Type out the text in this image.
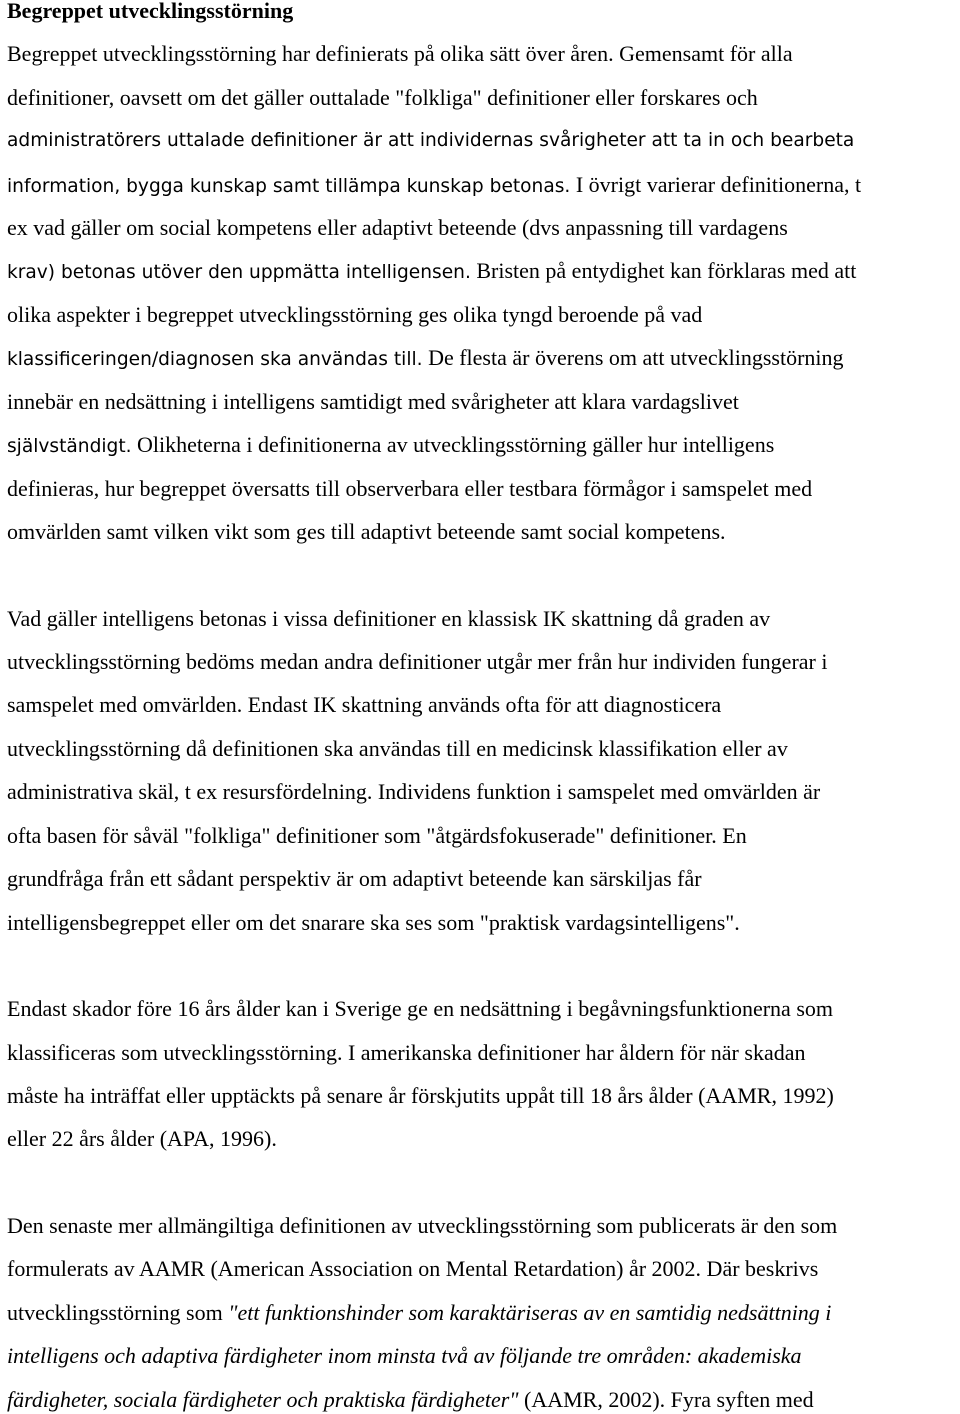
Begreppet utvecklingsstörning
Begreppet utvecklingsstörning har definierats på olika sätt över åren. Gemensamt för alla
definitioner, oavsett om det gäller outtalade "folkliga" definitioner eller forskares och
administratörers uttalade definitioner är att individernas svårigheter att ta in och bearbeta
information, bygga kunskap samt tillämpa kunskap betonas. I övrigt varierar definitionerna, t
ex vad gäller om social kompetens eller adaptivt beteende (dvs anpassning till vardagens
krav) betonas utöver den uppmätta intelligensen. Bristen på entydighet kan förklaras med att
olika aspekter i begreppet utvecklingsstörning ges olika tyngd beroende på vad
klassificeringen/diagnosen ska användas till. De flesta är överens om att utvecklingsstörning
innebär en nedsättning i intelligens samtidigt med svårigheter att klara vardagslivet
självständigt. Olikheterna i definitionerna av utvecklingsstörning gäller hur intelligens
definieras, hur begreppet översatts till observerbara eller testbara förmågor i samspelet med
omvärlden samt vilken vikt som ges till adaptivt beteende samt social kompetens.
Vad gäller intelligens betonas i vissa definitioner en klassisk IK skattning då graden av
utvecklingsstörning bedöms medan andra definitioner utgår mer från hur individen fungerar i
samspelet med omvärlden. Endast IK skattning används ofta för att diagnosticera
utvecklingsstörning då definitionen ska användas till en medicinsk klassifikation eller av
administrativa skäl, t ex resursfördelning. Individens funktion i samspelet med omvärlden är
ofta basen för såväl "folkliga" definitioner som "åtgärdsfokuserade" definitioner. En
grundfråga från ett sådant perspektiv är om adaptivt beteende kan särskiljas får
intelligensbegreppet eller om det snarare ska ses som "praktisk vardagsintelligens".
Endast skador före 16 års ålder kan i Sverige ge en nedsättning i begåvningsfunktionerna som
klassificeras som utvecklingsstörning. I amerikanska definitioner har åldern för när skadan
måste ha inträffat eller upptäckts på senare år förskjutits uppåt till 18 års ålder (AAMR, 1992)
eller 22 års ålder (APA, 1996).
Den senaste mer allmängiltiga definitionen av utvecklingsstörning som publicerats är den som
formulerats av AAMR (American Association on Mental Retardation) år 2002. Där beskrivs
utvecklingsstörning som "ett funktionshinder som karaktäriseras av en samtidig nedsättning i
intelligens och adaptiva färdigheter inom minsta två av följande tre områden: akademiska
färdigheter, sociala färdigheter och praktiska färdigheter" (AAMR, 2002). Fyra syften med
